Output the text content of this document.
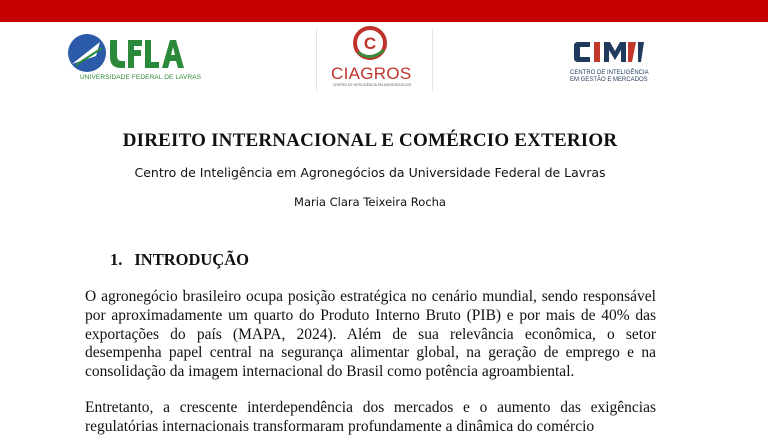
UNIVERSIDADE FEDERAL DE LAVRAS
C
CIAGROS
CENTRO DE INTELIGÊNCIA EM AGRONEGÓCIOS
CENTRO DE INTELIGÊNCIA
EM GESTÃO E MERCADOS
DIREITO INTERNACIONAL E COMÉRCIO EXTERIOR
Centro de Inteligência em Agronegócios da Universidade Federal de Lavras
Maria Clara Teixeira Rocha
1. INTRODUÇÃO
O agronegócio brasileiro ocupa posição estratégica no cenário mundial, sendo responsável por aproximadamente um quarto do Produto Interno Bruto (PIB) e por mais de 40% das exportações do país (MAPA, 2024). Além de sua relevância econômica, o setor desempenha papel central na segurança alimentar global, na geração de emprego e na consolidação da imagem internacional do Brasil como potência agroambiental.
Entretanto, a crescente interdependência dos mercados e o aumento das exigências regulatórias internacionais transformaram profundamente a dinâmica do comércio
